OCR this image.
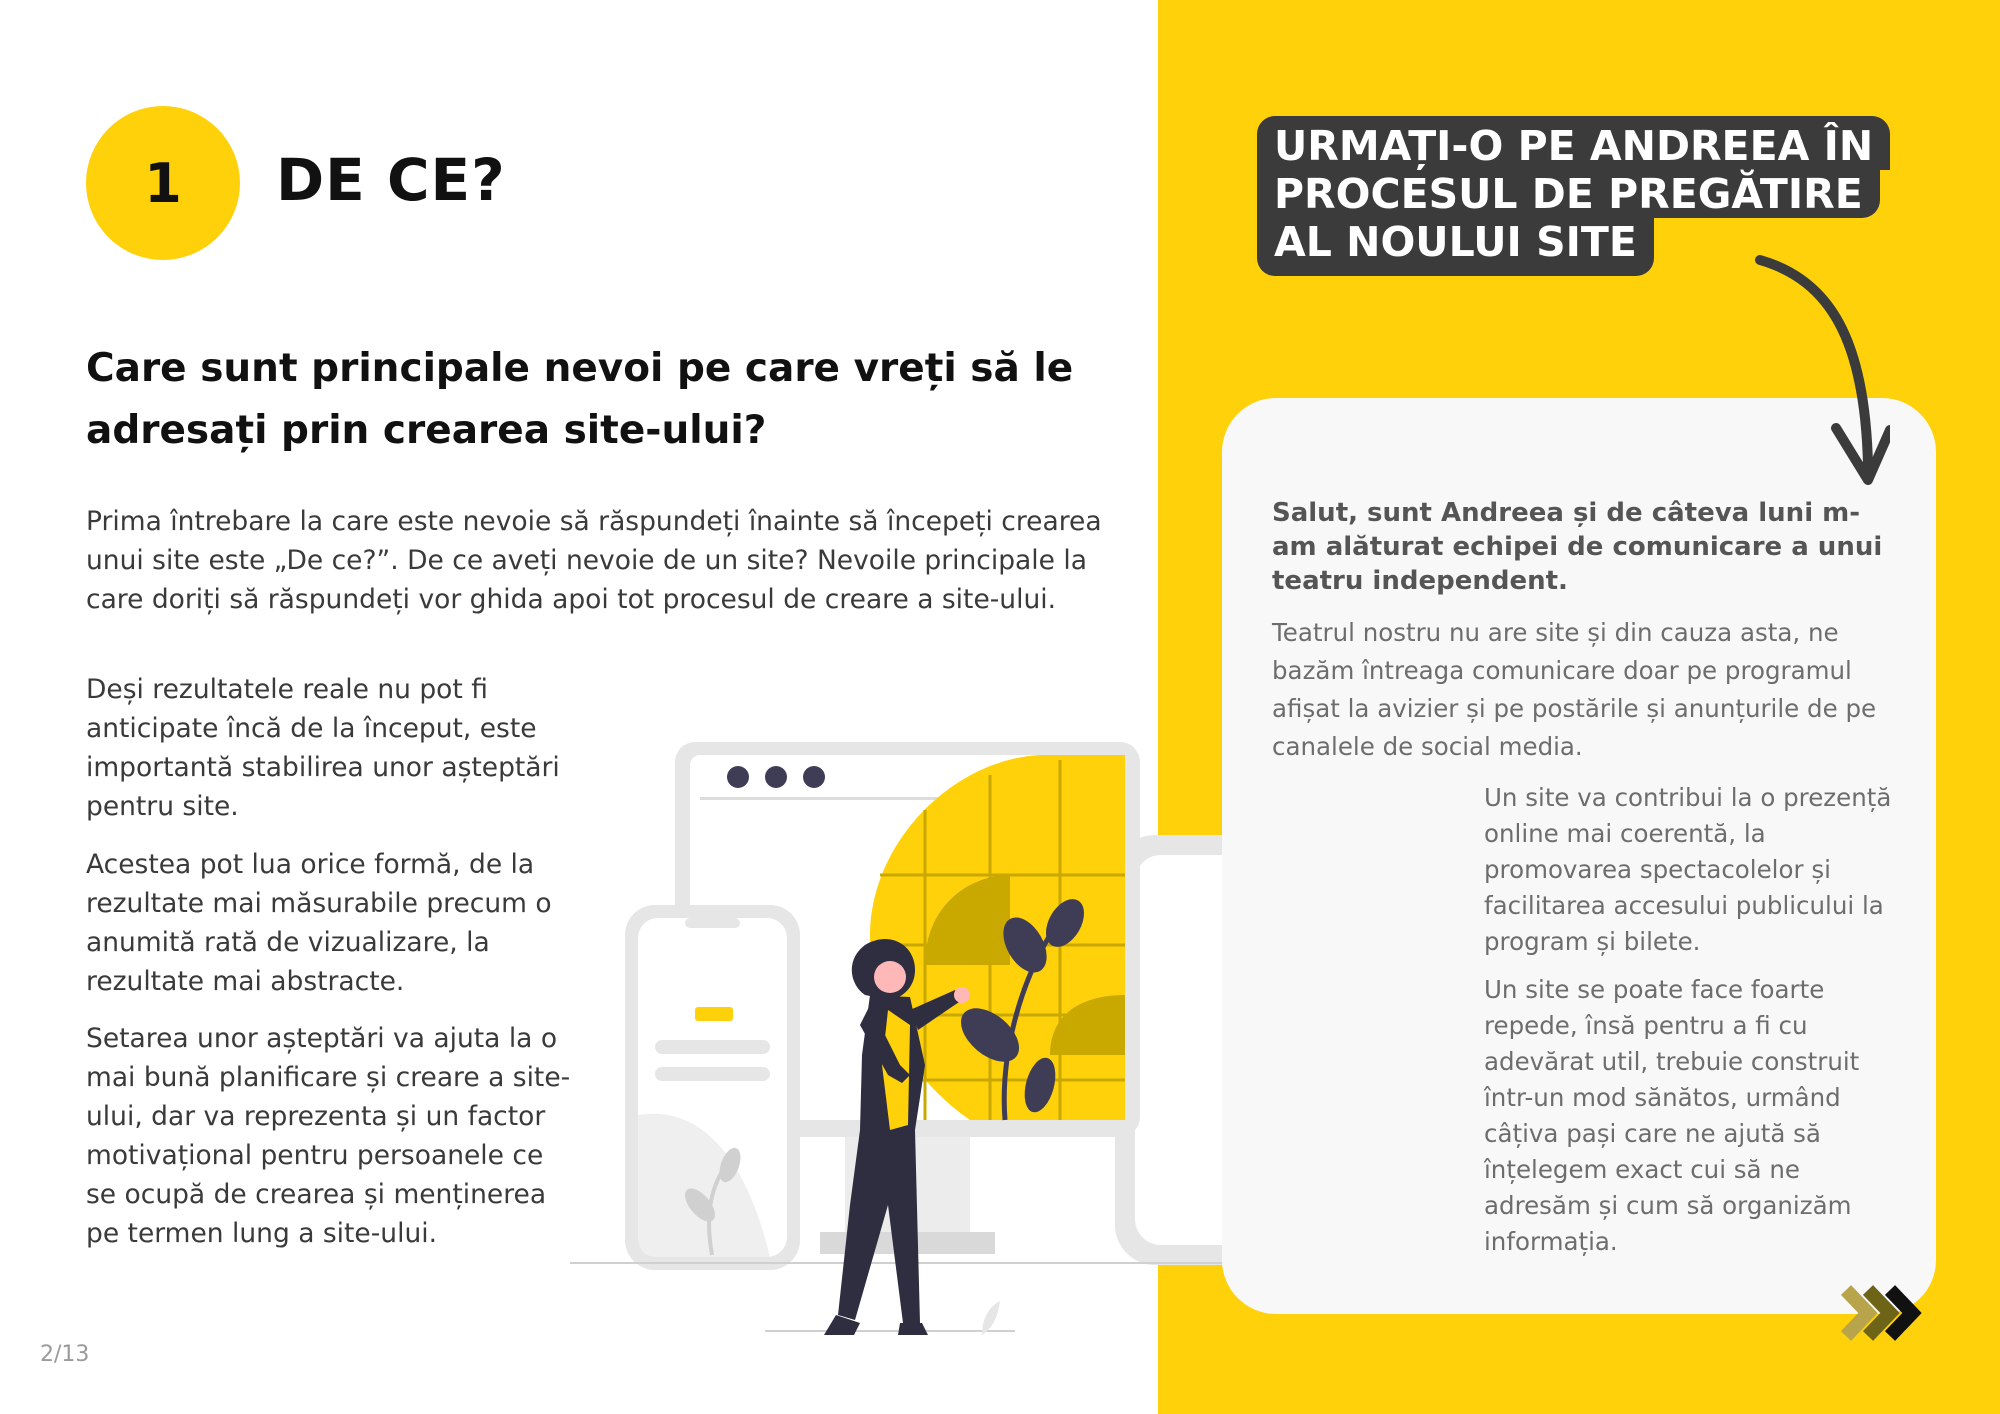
1	DE CE?
Care sunt principale nevoi pe care vreți să le adresați prin crearea site-ului?

Prima întrebare la care este nevoie să răspundeți înainte să începeți crearea unui site este „De ce?”. De ce aveți nevoie de un site? Nevoile principale la care doriți să răspundeți vor ghida apoi tot procesul de creare a site-ului.

Deși rezultatele reale nu pot fi anticipate încă de la început, este importantă stabilirea unor așteptări pentru site.

Acestea pot lua orice formă, de la rezultate mai măsurabile precum o anumită rată de vizualizare, la rezultate mai abstracte.

Setarea unor așteptări va ajuta la o mai bună planificare și creare a site-ului, dar va reprezenta și un factor motivațional pentru persoanele ce se ocupă de crearea și menținerea pe termen lung a site-ului.

URMAȚI-O PE ANDREEA ÎN
PROCESUL DE PREGĂTIRE
AL NOULUI SITE

Salut, sunt Andreea și de câteva luni m-am alăturat echipei de comunicare a unui teatru independent.

Teatrul nostru nu are site și din cauza asta, ne bazăm întreaga comunicare doar pe programul afișat la avizier și pe postările și anunțurile de pe canalele de social media.

Un site va contribui la o prezență online mai coerentă, la promovarea spectacolelor și facilitarea accesului publicului la program și bilete.

Un site se poate face foarte repede, însă pentru a fi cu adevărat util, trebuie construit într-un mod sănătos, urmând câțiva pași care ne ajută să înțelegem exact cui să ne adresăm și cum să organizăm informația.

2/13
